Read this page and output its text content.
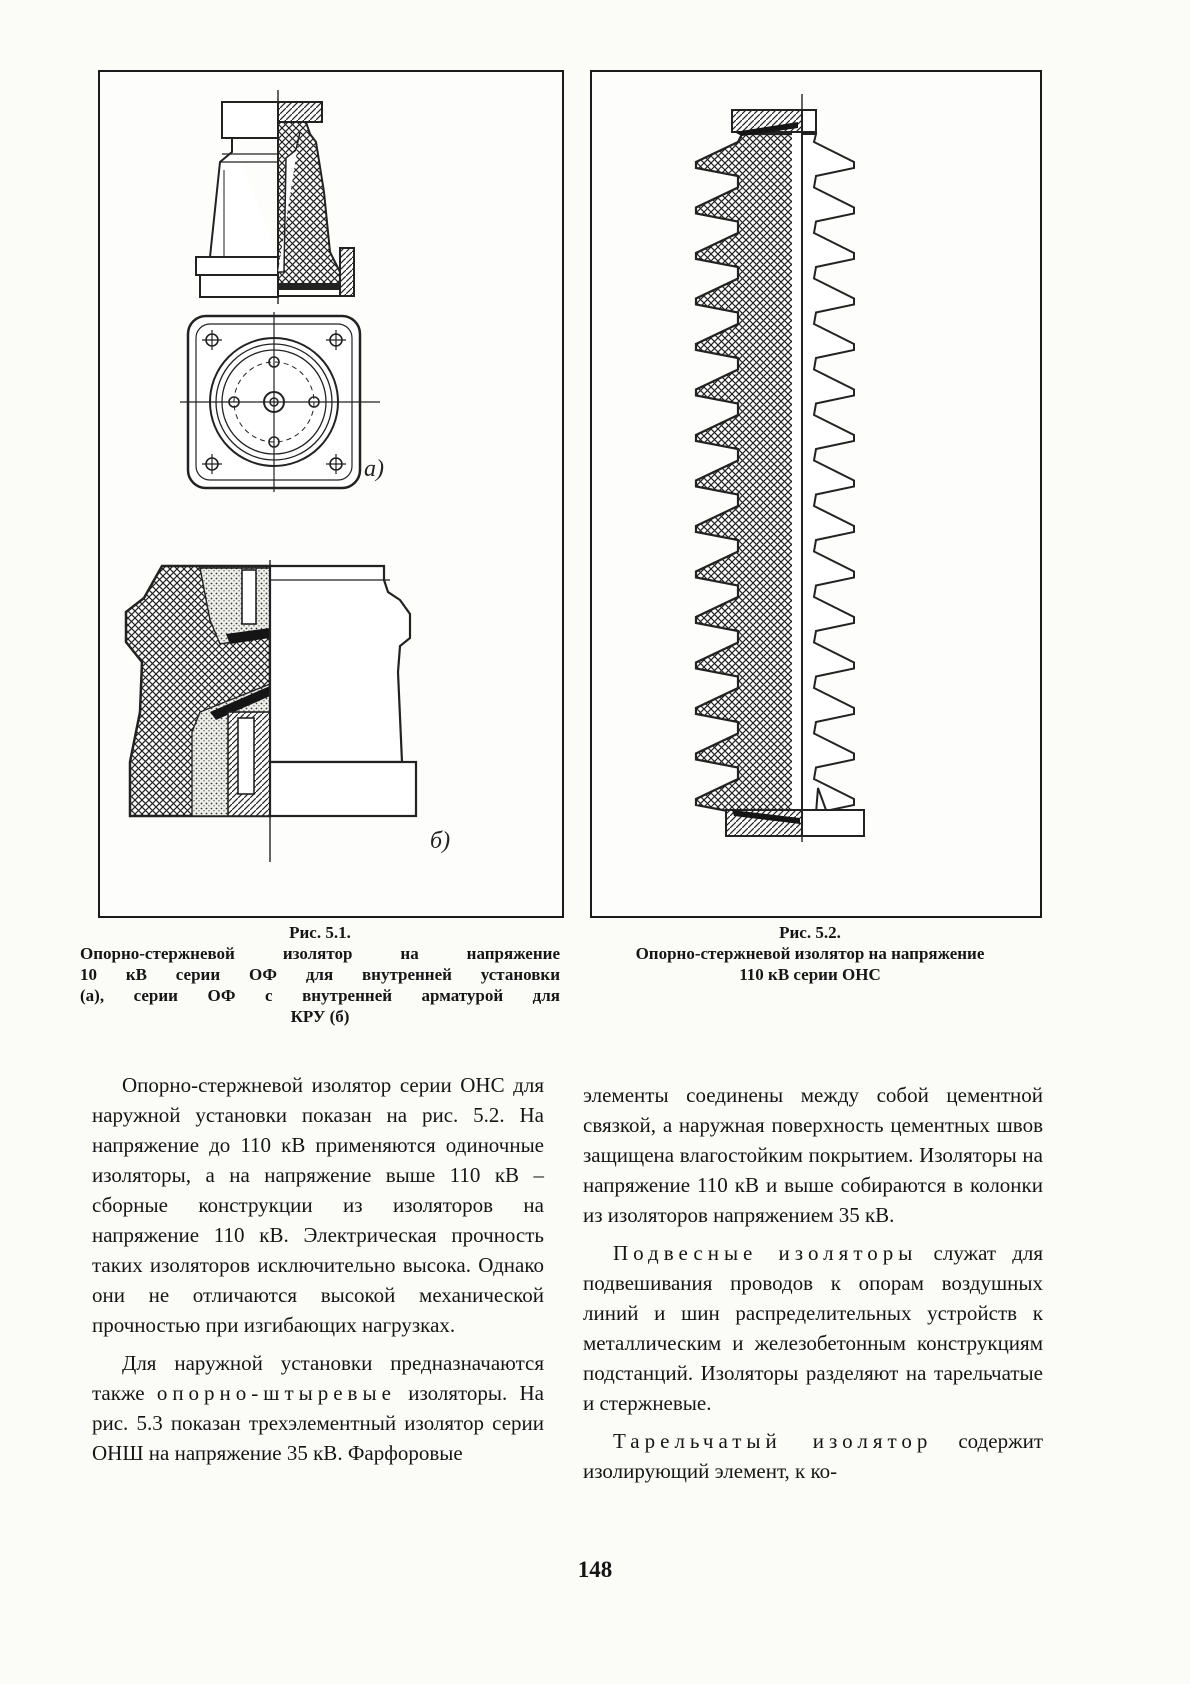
a)
б)
Рис. 5.1.
Опорно-стержневой изолятор на напряжение
10 кВ серии ОФ для внутренней установки
(а), серии ОФ с внутренней арматурой для
КРУ (б)
Рис. 5.2.
Опорно-стержневой изолятор на напряжение
110 кВ серии ОНС

Опорно-стержневой изолятор серии ОНС для наружной установки показан на рис. 5.2. На напряжение до 110 кВ применяются одиночные изоляторы, а на напряжение выше 110 кВ – сборные конструкции из изоляторов на напряжение 110 кВ. Электрическая прочность таких изоляторов исключительно высока. Однако они не отличаются высокой механической прочностью при изгибающих нагрузках.

Для наружной установки предназначаются также опорно-штыревые изоляторы. На рис. 5.3 показан трехэлементный изолятор серии ОНШ на напряжение 35 кВ. Фарфоровые

элементы соединены между собой цементной связкой, а наружная поверхность цементных швов защищена влагостойким покрытием. Изоляторы на напряжение 110 кВ и выше собираются в колонки из изоляторов напряжением 35 кВ.

Подвесные изоляторы служат для подвешивания проводов к опорам воздушных линий и шин распределительных устройств к металлическим и железобетонным конструкциям подстанций. Изоляторы разделяют на тарельчатые и стержневые.

Тарельчатый изолятор содержит изолирующий элемент, к ко-

148
